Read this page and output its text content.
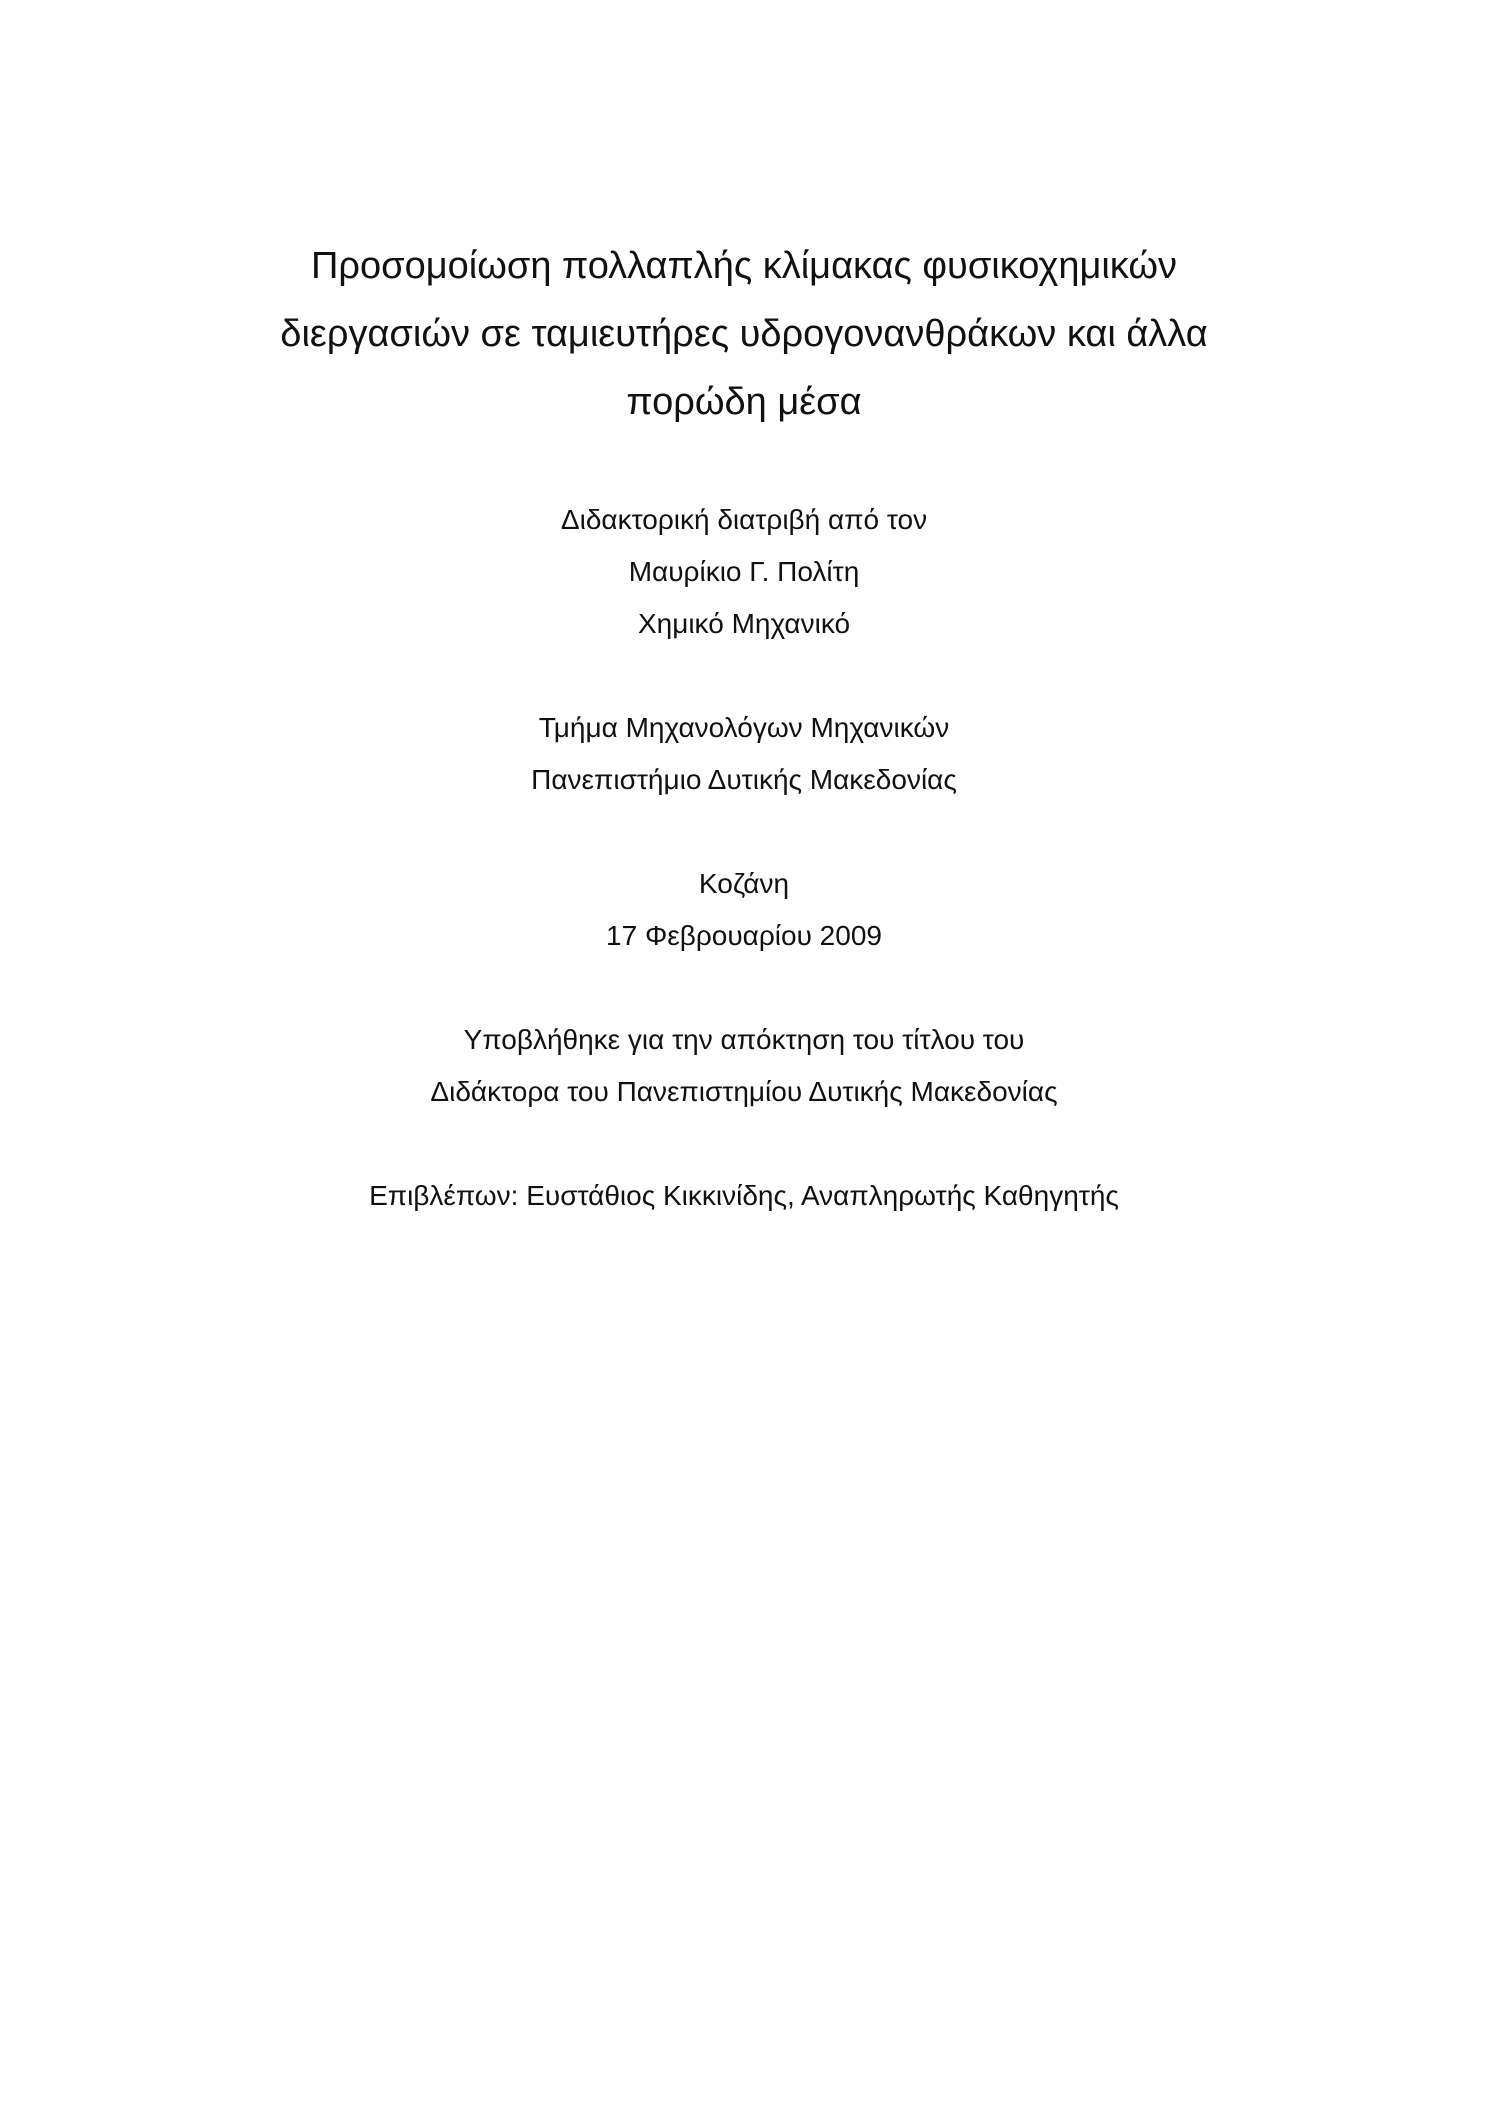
Προσομοίωση πολλαπλής κλίμακας φυσικοχημικών
διεργασιών σε ταμιευτήρες υδρογονανθράκων και άλλα
πορώδη μέσα
Διδακτορική διατριβή από τον
Μαυρίκιο Γ. Πολίτη
Χημικό Μηχανικό
Τμήμα Μηχανολόγων Μηχανικών
Πανεπιστήμιο Δυτικής Μακεδονίας
Κοζάνη
17 Φεβρουαρίου 2009
Υποβλήθηκε για την απόκτηση του τίτλου του
Διδάκτορα του Πανεπιστημίου Δυτικής Μακεδονίας
Επιβλέπων: Ευστάθιος Κικκινίδης, Αναπληρωτής Καθηγητής
